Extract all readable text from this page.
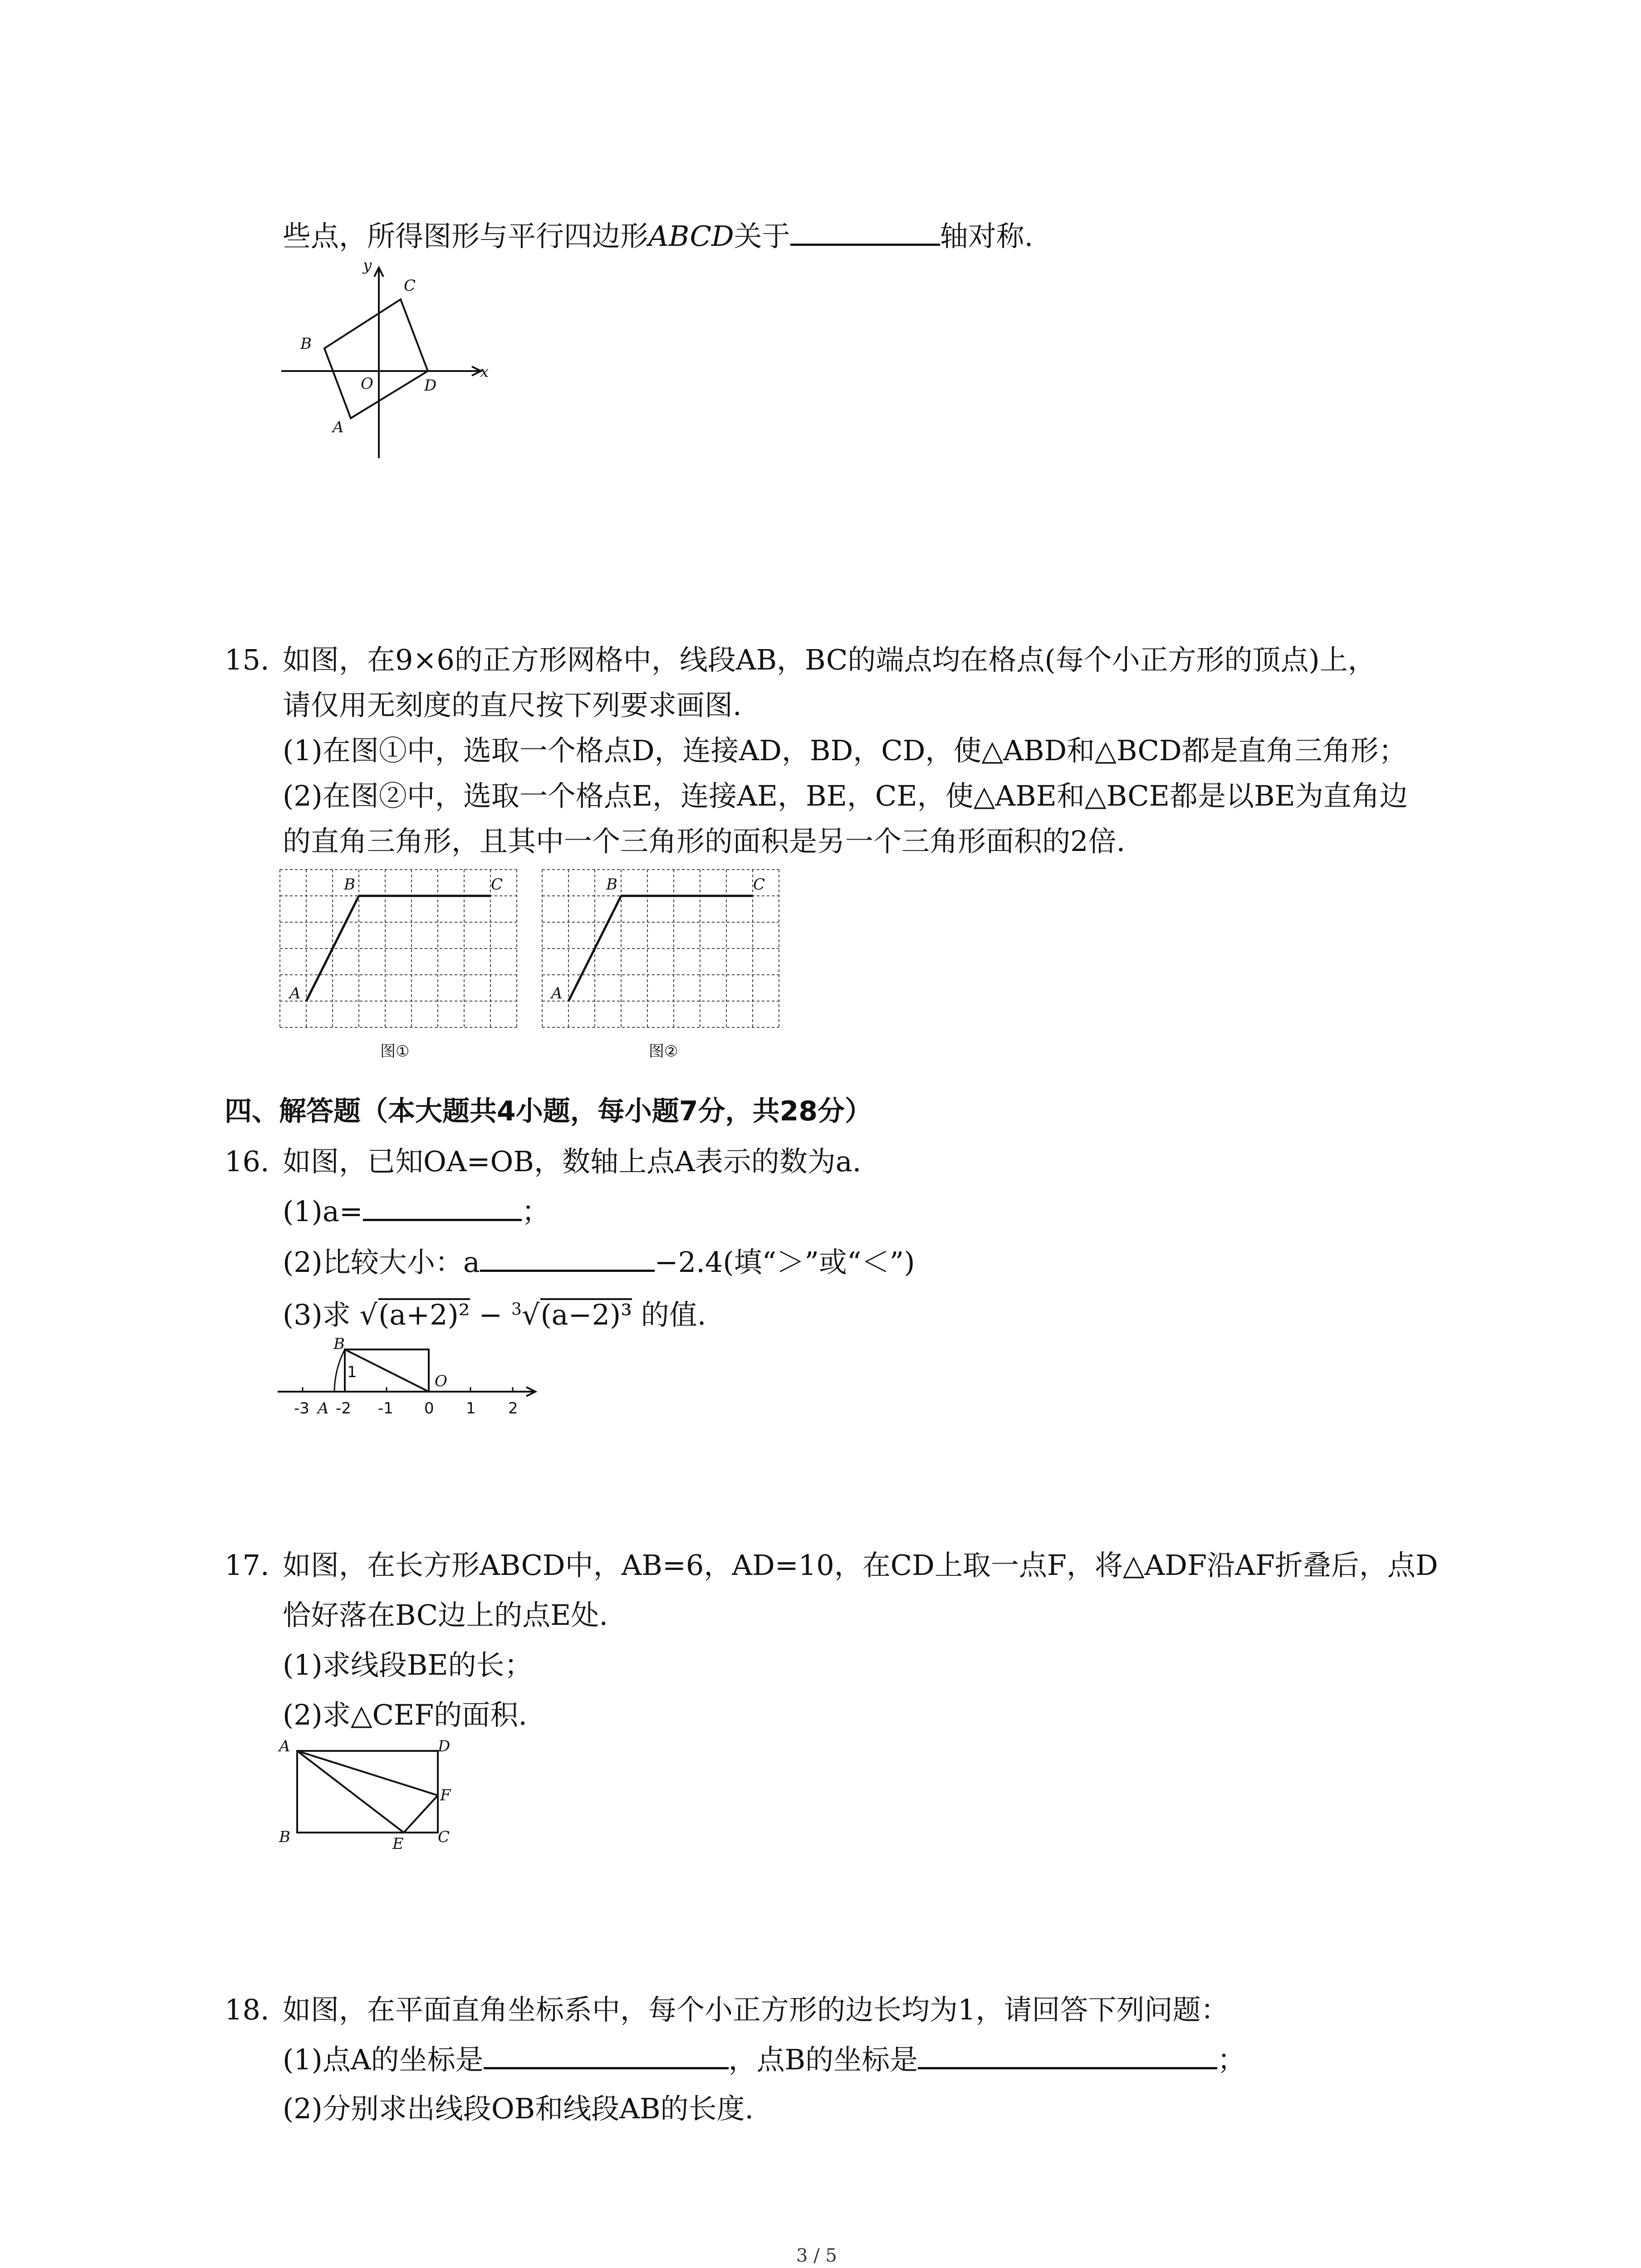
些点，所得图形与平行四边形ABCD关于	轴对称.
y
x
C
B
O	D
A
15. 如图，在9×6的正方形网格中，线段AB，BC的端点均在格点(每个小正方形的顶点)上，
请仅用无刻度的直尺按下列要求画图.
(1)在图①中，选取一个格点D，连接AD，BD，CD，使△ABD和△BCD都是直角三角形；
(2)在图②中，选取一个格点E，连接AE，BE，CE，使△ABE和△BCE都是以BE为直角边
的直角三角形，且其中一个三角形的面积是另一个三角形面积的2倍.
A
B	C
图①
A
B	C
图②
四、解答题（本大题共4小题，每小题7分，共28分）
16. 如图，已知OA=OB，数轴上点A表示的数为a.
(1)a=	；
(2)比较大小：a	−2.4(填“＞”或“＜”)
(3)求 √(a+2)² − $^3$√(a−2)³ 的值.
B
1	O
-3 A -2 -1 0 1 2
17. 如图，在长方形ABCD中，AB=6，AD=10，在CD上取一点F，将△ADF沿AF折叠后，点D
恰好落在BC边上的点E处.
(1)求线段BE的长；
(2)求△CEF的面积.
A	D
F
B	E C
18. 如图，在平面直角坐标系中，每个小正方形的边长均为1，请回答下列问题：
(1)点A的坐标是	，点B的坐标是	；
(2)分别求出线段OB和线段AB的长度.
3 / 5
